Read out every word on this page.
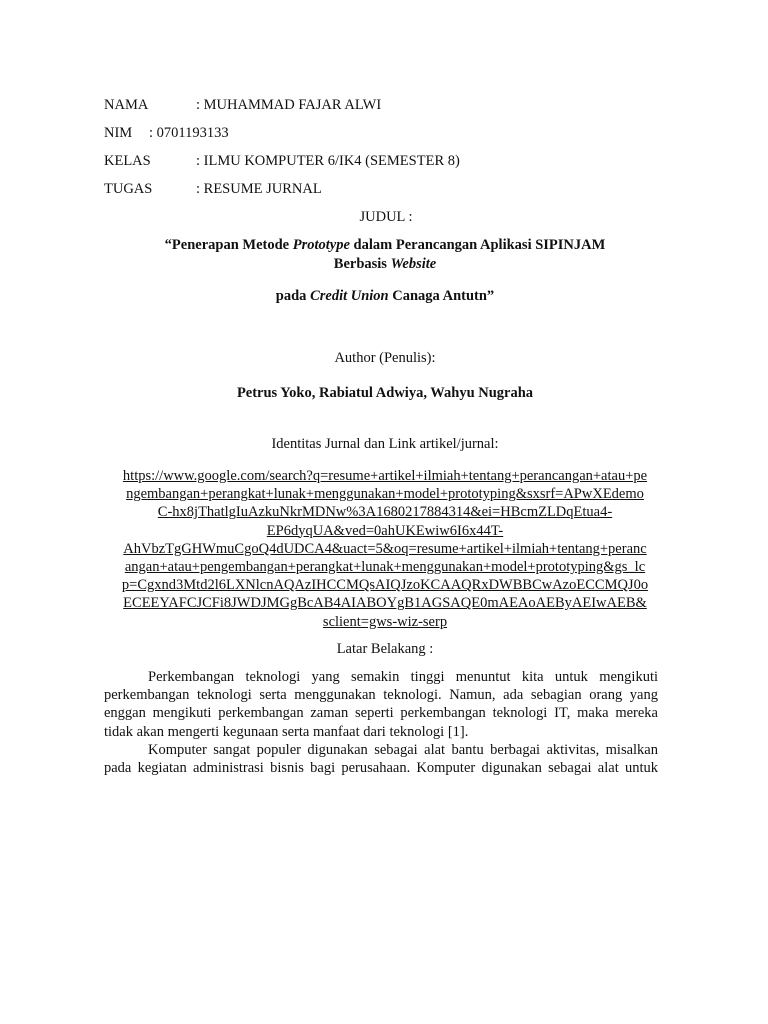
NAMA	: MUHAMMAD FAJAR ALWI
NIM : 0701193133
KELAS	: ILMU KOMPUTER 6/IK4 (SEMESTER 8)
TUGAS	: RESUME JURNAL
JUDUL :
“Penerapan Metode Prototype dalam Perancangan Aplikasi SIPINJAM
Berbasis Website
pada Credit Union Canaga Antutn”
Author (Penulis):
Petrus Yoko, Rabiatul Adwiya, Wahyu Nugraha
Identitas Jurnal dan Link artikel/jurnal:
https://www.google.com/search?q=resume+artikel+ilmiah+tentang+perancangan+atau+pe
ngembangan+perangkat+lunak+menggunakan+model+prototyping&sxsrf=APwXEdemo
C-hx8jThatlgIuAzkuNkrMDNw%3A1680217884314&ei=HBcmZLDqEtua4-
EP6dyqUA&ved=0ahUKEwiw6I6x44T-
AhVbzTgGHWmuCgoQ4dUDCA4&uact=5&oq=resume+artikel+ilmiah+tentang+peranc
angan+atau+pengembangan+perangkat+lunak+menggunakan+model+prototyping&gs_lc
p=Cgxnd3Mtd2l6LXNlcnAQAzIHCCMQsAIQJzoKCAAQRxDWBBCwAzoECCMQJ0o
ECEEYAFCJCFi8JWDJMGgBcAB4AIABOYgB1AGSAQE0mAEAoAEByAEIwAEB&
sclient=gws-wiz-serp
Latar Belakang :
Perkembangan teknologi yang semakin tinggi menuntut kita untuk mengikuti
perkembangan teknologi serta menggunakan teknologi. Namun, ada sebagian orang yang
enggan mengikuti perkembangan zaman seperti perkembangan teknologi IT, maka mereka
tidak akan mengerti kegunaan serta manfaat dari teknologi [1].
Komputer sangat populer digunakan sebagai alat bantu berbagai aktivitas, misalkan
pada kegiatan administrasi bisnis bagi perusahaan. Komputer digunakan sebagai alat untuk
